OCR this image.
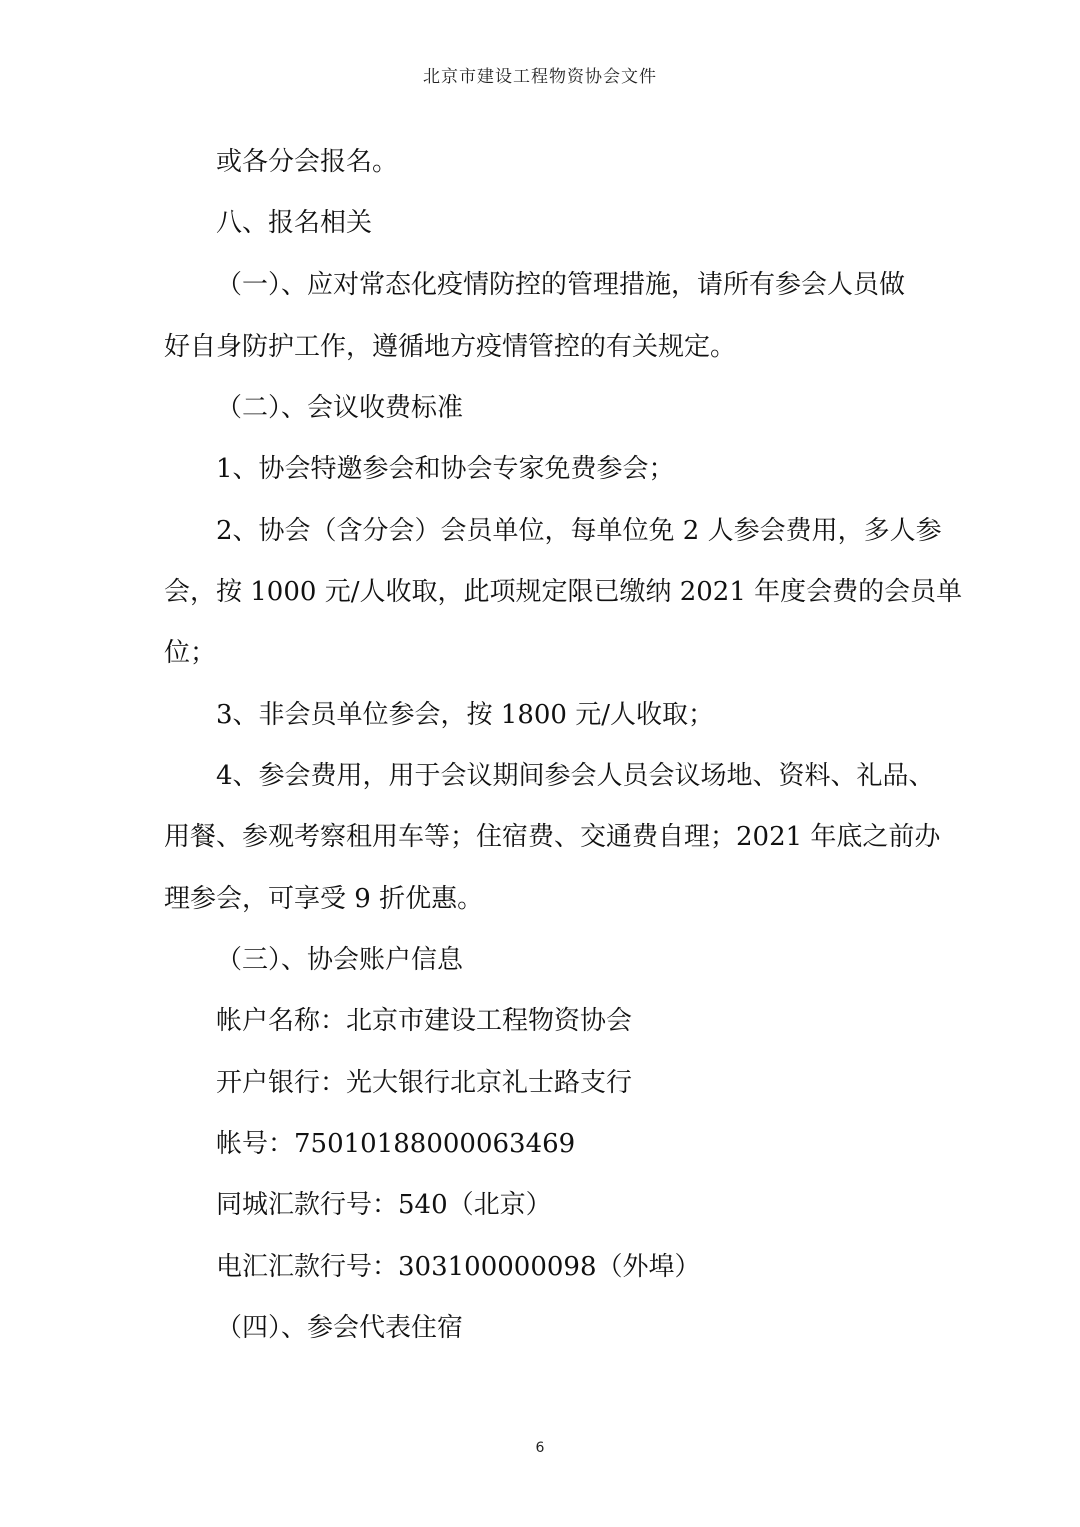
北京市建设工程物资协会文件
或各分会报名。
八、报名相关
（一）、应对常态化疫情防控的管理措施，请所有参会人员做
好自身防护工作，遵循地方疫情管控的有关规定。
（二）、会议收费标准
1、协会特邀参会和协会专家免费参会；
2、协会（含分会）会员单位，每单位免 2 人参会费用，多人参
会，按 1000 元/人收取，此项规定限已缴纳 2021 年度会费的会员单
位；
3、非会员单位参会，按 1800 元/人收取；
4、参会费用，用于会议期间参会人员会议场地、资料、礼品、
用餐、参观考察租用车等；住宿费、交通费自理；2021 年底之前办
理参会，可享受 9 折优惠。
（三）、协会账户信息
帐户名称：北京市建设工程物资协会
开户银行：光大银行北京礼士路支行
帐号：75010188000063469
同城汇款行号：540（北京）
电汇汇款行号：303100000098（外埠）
（四）、参会代表住宿
6
